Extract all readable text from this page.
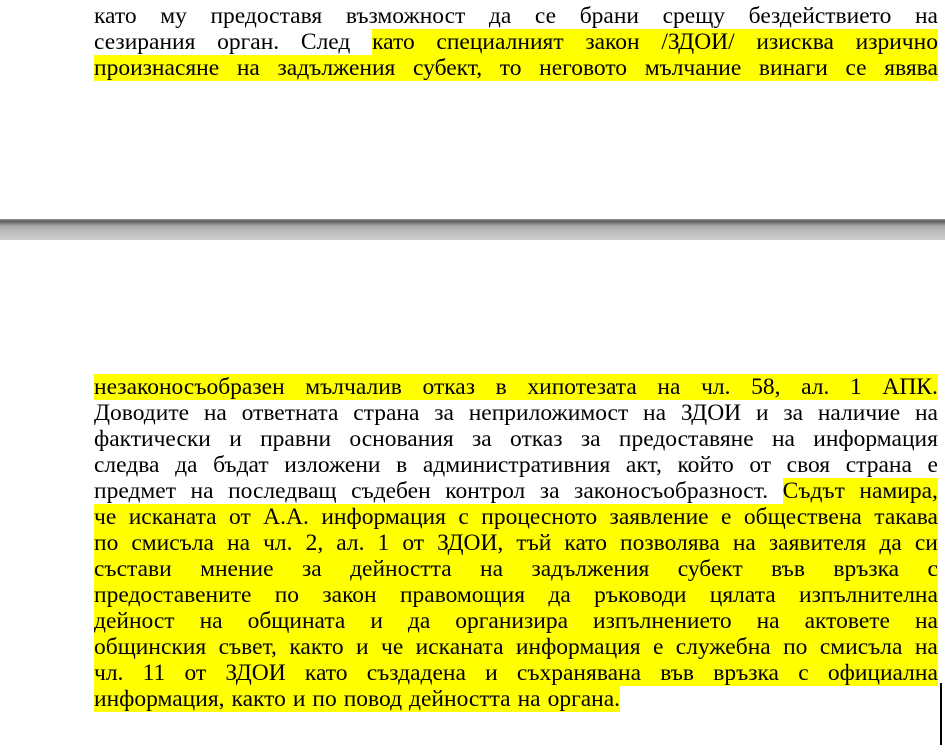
като му предоставя възможност да се брани срещу бездействието на
сезирания орган. След като специалният закон /ЗДОИ/ изисква изрично
произнасяне на задължения субект, то неговото мълчание винаги се явява
незаконосъобразен мълчалив отказ в хипотезата на чл. 58, ал. 1 АПК.
Доводите на ответната страна за неприложимост на ЗДОИ и за наличие на
фактически и правни основания за отказ за предоставяне на информация
следва да бъдат изложени в административния акт, който от своя страна е
предмет на последващ съдебен контрол за законосъобразност. Съдът намира,
че исканата от А.А. информация с процесното заявление е обществена такава
по смисъла на чл. 2, ал. 1 от ЗДОИ, тъй като позволява на заявителя да си
състави мнение за дейността на задължения субект във връзка с
предоставените по закон правомощия да ръководи цялата изпълнителна
дейност на общината и да организира изпълнението на актовете на
общинския съвет, както и че исканата информация е служебна по смисъла на
чл. 11 от ЗДОИ като създадена и съхранявана във връзка с официална
информация, както и по повод дейността на органа.
